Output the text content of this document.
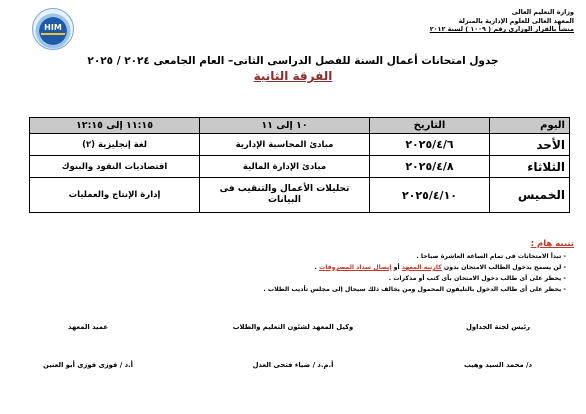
وزارة التعليم العالى
المعهد العالى للعلوم الإدارية بالمنزلة
منشأ بالقرار الوزارى رقم ( ١٠٠٩ ) لسنة ٢٠١٢
HIM
جدول امتحانات أعمال السنة للفصل الدراسى الثانى– العام الجامعى ٢٠٢٤ / ٢٠٢٥
الفرقة الثانية
اليوم	التاريخ	١٠ إلى ١١	١١:١٥ إلى ١٢:١٥
الأحد	٢٠٢٥/٤/٦	مبادئ المحاسبة الإدارية	لغة إنجليزية (٢)
الثلاثاء	٢٠٢٥/٤/٨	مبادئ الإدارة المالية	اقتصاديات النقود والبنوك
الخميس	٢٠٢٥/٤/١٠	تحليلات الأعمال والتنقيب فى البيانات	إدارة الإنتاج والعمليات
تنبيه هام :
- تبدأ الامتحانات فى تمام الساعة العاشرة صباحا .
- لن يسمح بدخول الطالب الامتحان بدون كارنيه المعهد أو إيصال سداد المصروفات .
- يحظر على أى طالب دخول الامتحان بأى كتب أو مذكرات .
- يحظر على أى طالب الدخول بالتليفون المحمول ومن يخالف ذلك سيحال إلى مجلس تأديب الطلاب .
رئيس لجنة الجداول
د/ محمد السيد وهيب
وكيل المعهد لشئون التعليم والطلاب
أ.م.د / ضياء فتحى العدل
عميد المعهد
أ.د / فوزى فوزى أبو العنين
